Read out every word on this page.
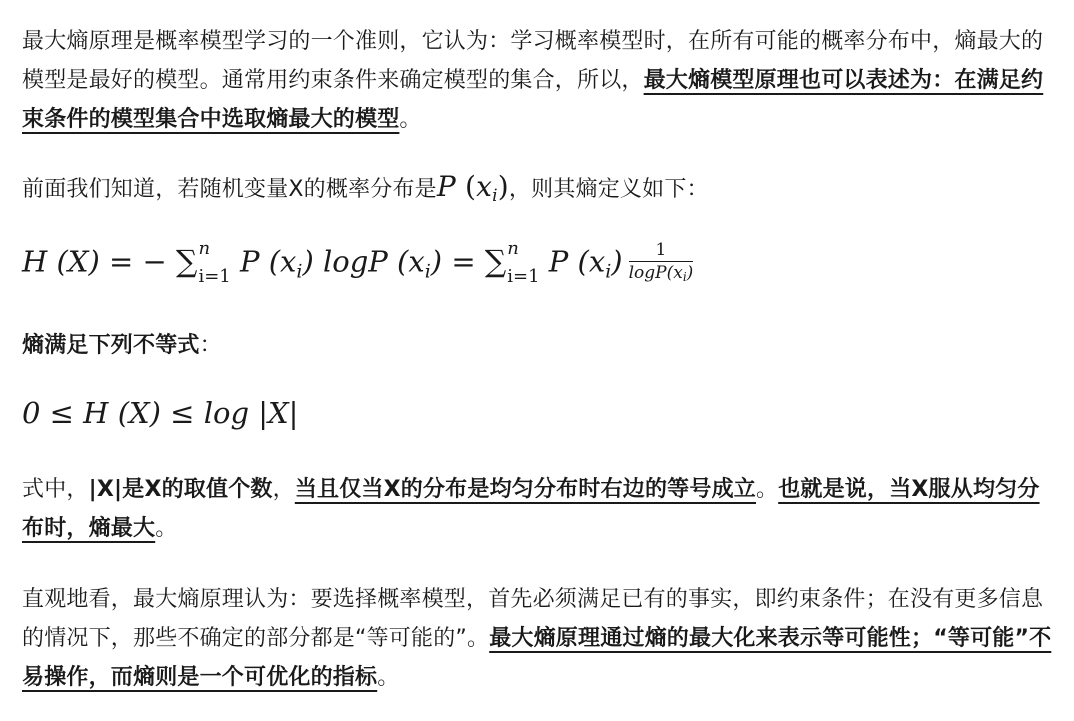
最大熵原理是概率模型学习的一个准则，它认为：学习概率模型时，在所有可能的概率分布中，熵最大的模型是最好的模型。通常用约束条件来确定模型的集合，所以，最大熵模型原理也可以表述为：在满足约束条件的模型集合中选取熵最大的模型。

前面我们知道，若随机变量X的概率分布是P $(x_i)$，则其熵定义如下：

H (X) = − ∑ n
i=1 P $(x_i)$ logP $(x_i)$ = ∑ n
i=1 P $(x_i) \frac{1}{\log P(xi)}$

熵满足下列不等式：

0 ≤ H (X) ≤ log |X|

式中，|X|是X的取值个数，当且仅当X的分布是均匀分布时右边的等号成立。也就是说，当X服从均匀分布时，熵最大。

直观地看，最大熵原理认为：要选择概率模型，首先必须满足已有的事实，即约束条件；在没有更多信息的情况下，那些不确定的部分都是“等可能的”。最大熵原理通过熵的最大化来表示等可能性；“等可能”不易操作，而熵则是一个可优化的指标。
